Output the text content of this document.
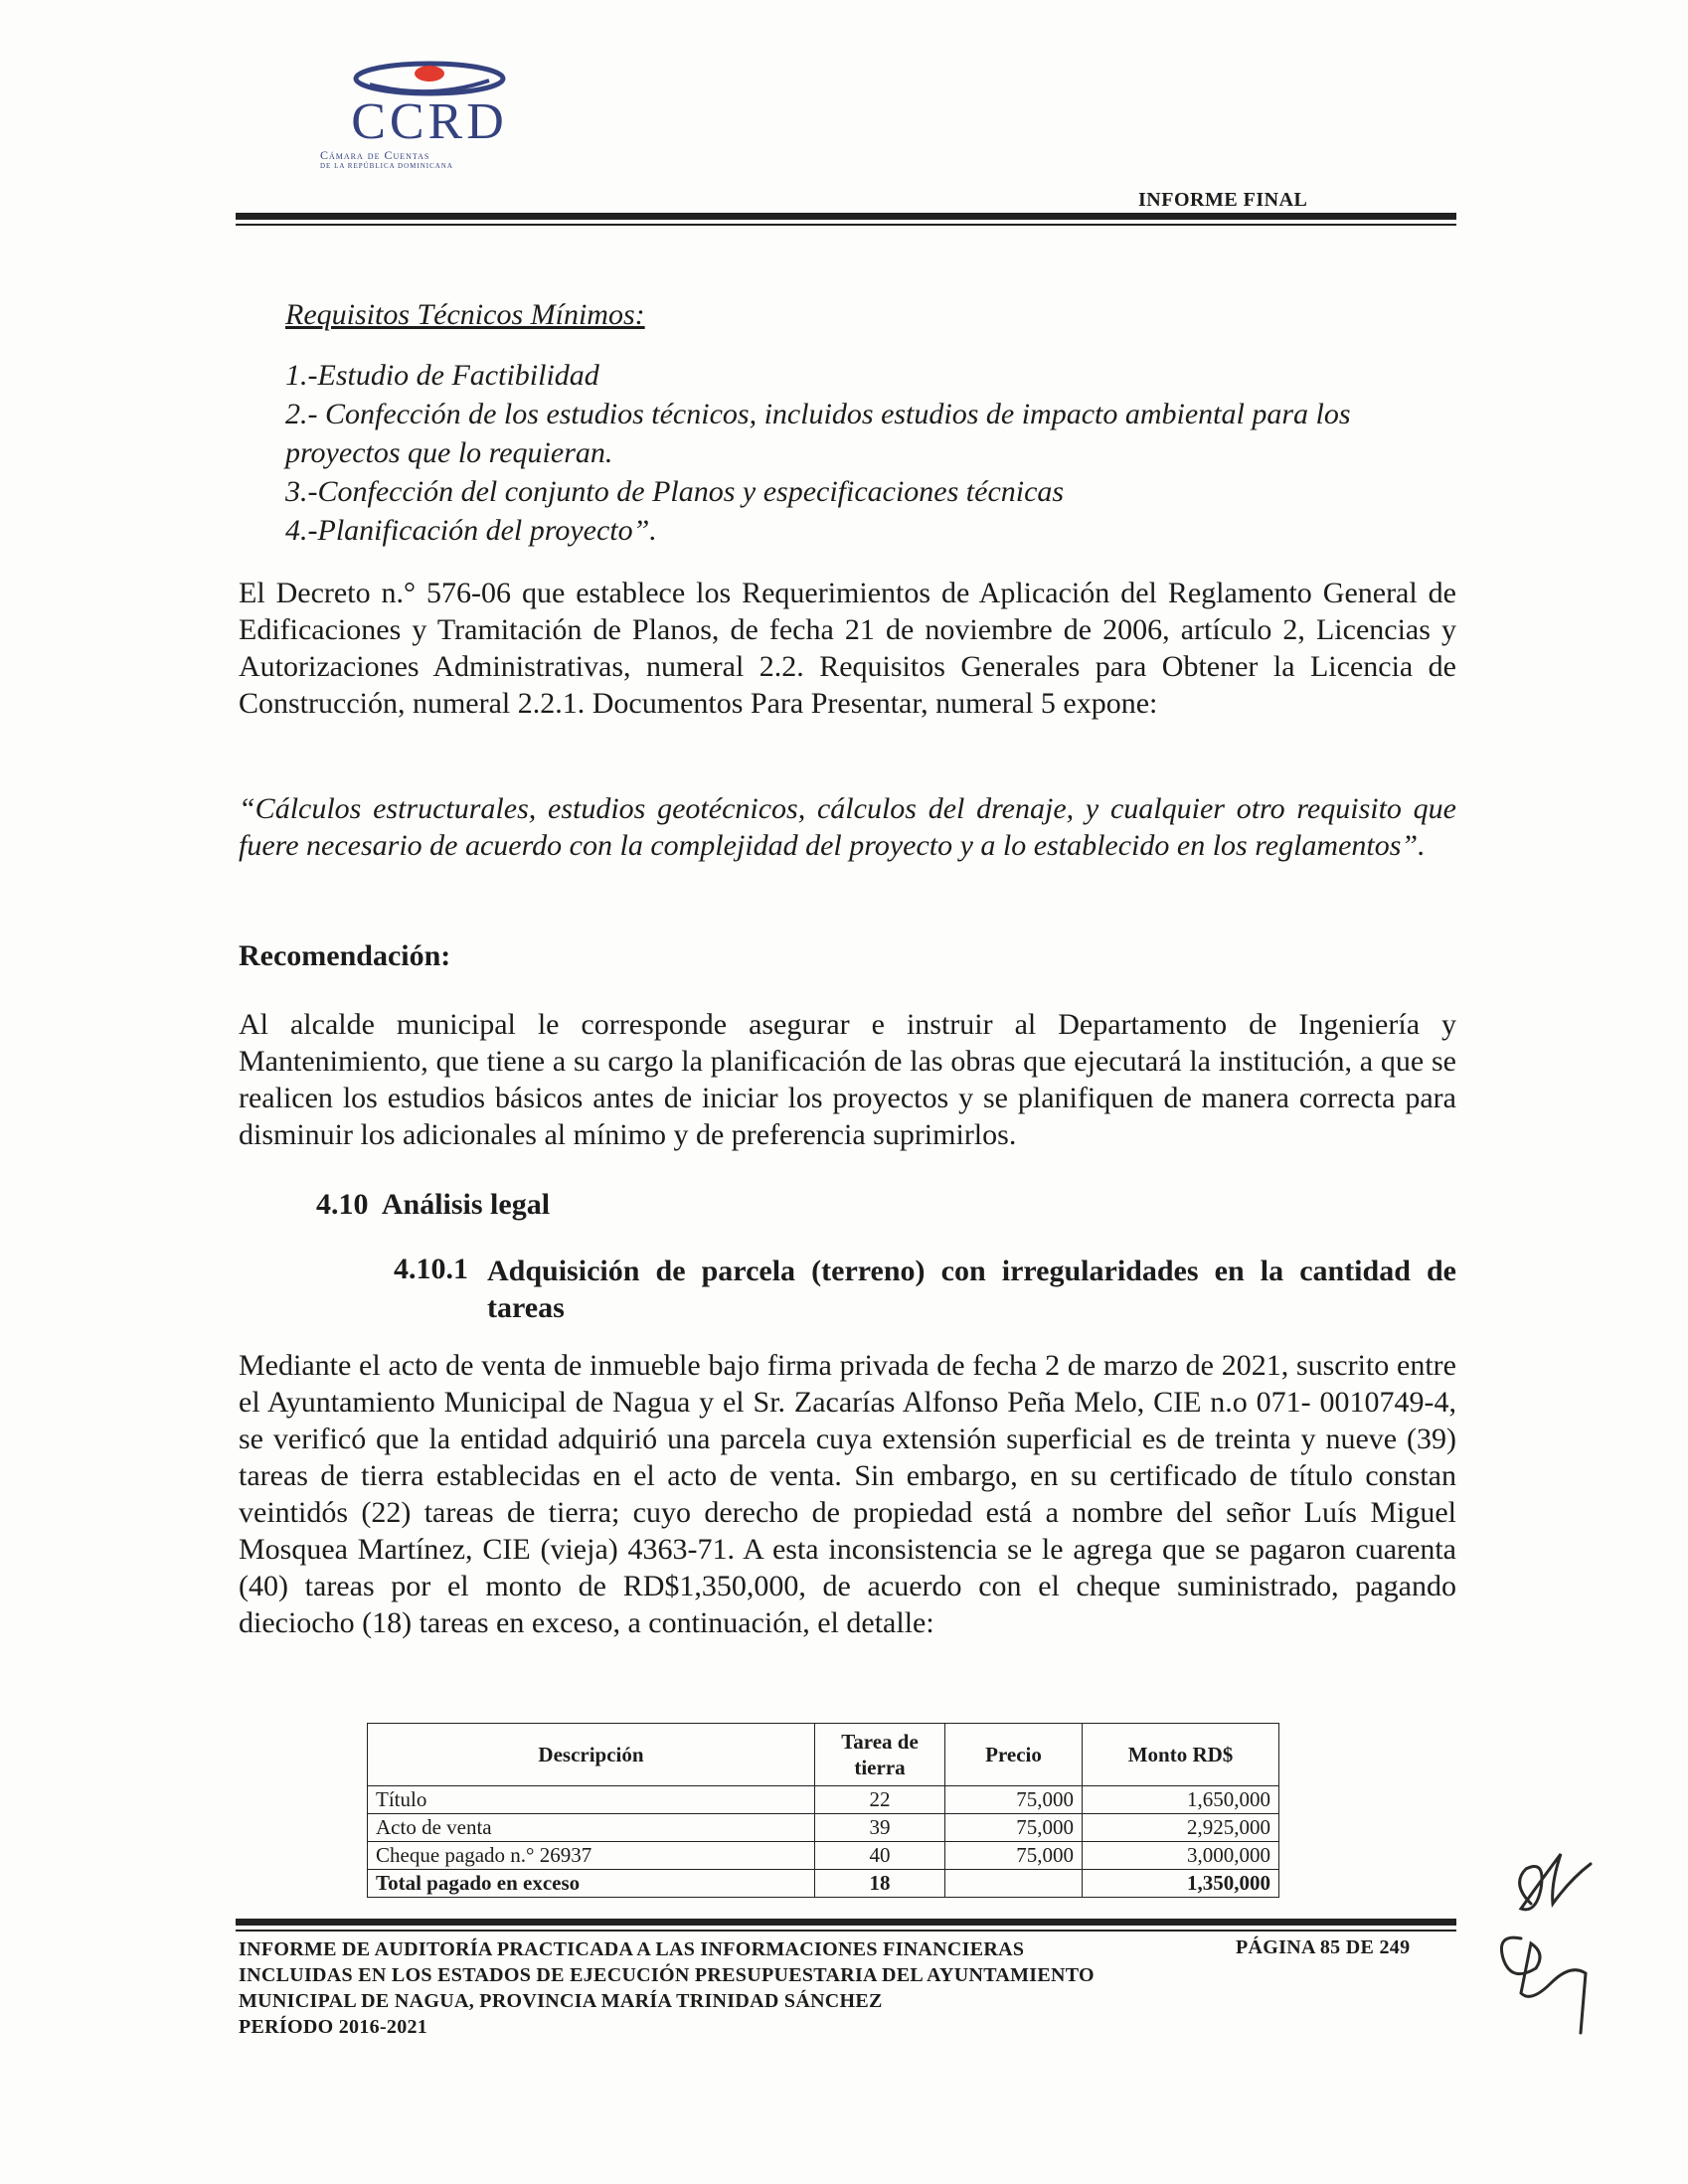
CCRD
Cámara de Cuentas
DE LA REPÚBLICA DOMINICANA
INFORME FINAL
Requisitos Técnicos Mínimos:
1.-Estudio de Factibilidad
2.- Confección de los estudios técnicos, incluidos estudios de impacto ambiental para los proyectos que lo requieran.
3.-Confección del conjunto de Planos y especificaciones técnicas
4.-Planificación del proyecto”.
El Decreto n.° 576-06 que establece los Requerimientos de Aplicación del Reglamento General de Edificaciones y Tramitación de Planos, de fecha 21 de noviembre de 2006, artículo 2, Licencias y Autorizaciones Administrativas, numeral 2.2. Requisitos Generales para Obtener la Licencia de Construcción, numeral 2.2.1. Documentos Para Presentar, numeral 5 expone:
“Cálculos estructurales, estudios geotécnicos, cálculos del drenaje, y cualquier otro requisito que fuere necesario de acuerdo con la complejidad del proyecto y a lo establecido en los reglamentos”.
Recomendación:
Al alcalde municipal le corresponde asegurar e instruir al Departamento de Ingeniería y Mantenimiento, que tiene a su cargo la planificación de las obras que ejecutará la institución, a que se realicen los estudios básicos antes de iniciar los proyectos y se planifiquen de manera correcta para disminuir los adicionales al mínimo y de preferencia suprimirlos.
4.10  Análisis legal
4.10.1 Adquisición de parcela (terreno) con irregularidades en la cantidad de tareas
Mediante el acto de venta de inmueble bajo firma privada de fecha 2 de marzo de 2021, suscrito entre el Ayuntamiento Municipal de Nagua y el Sr. Zacarías Alfonso Peña Melo, CIE n.o 071- 0010749-4, se verificó que la entidad adquirió una parcela cuya extensión superficial es de treinta y nueve (39) tareas de tierra establecidas en el acto de venta. Sin embargo, en su certificado de título constan veintidós (22) tareas de tierra; cuyo derecho de propiedad está a nombre del señor Luís Miguel Mosquea Martínez, CIE (vieja) 4363-71. A esta inconsistencia se le agrega que se pagaron cuarenta (40) tareas por el monto de RD$1,350,000, de acuerdo con el cheque suministrado, pagando dieciocho (18) tareas en exceso, a continuación, el detalle:
Descripción	Tarea de tierra	Precio	Monto RD$
Título	22	75,000	1,650,000
Acto de venta	39	75,000	2,925,000
Cheque pagado n.° 26937	40	75,000	3,000,000
Total pagado en exceso	18		1,350,000
INFORME DE AUDITORÍA PRACTICADA A LAS INFORMACIONES FINANCIERAS
INCLUIDAS EN LOS ESTADOS DE EJECUCIÓN PRESUPUESTARIA DEL AYUNTAMIENTO
MUNICIPAL DE NAGUA, PROVINCIA MARÍA TRINIDAD SÁNCHEZ
PERÍODO 2016-2021
PÁGINA 85 DE 249
